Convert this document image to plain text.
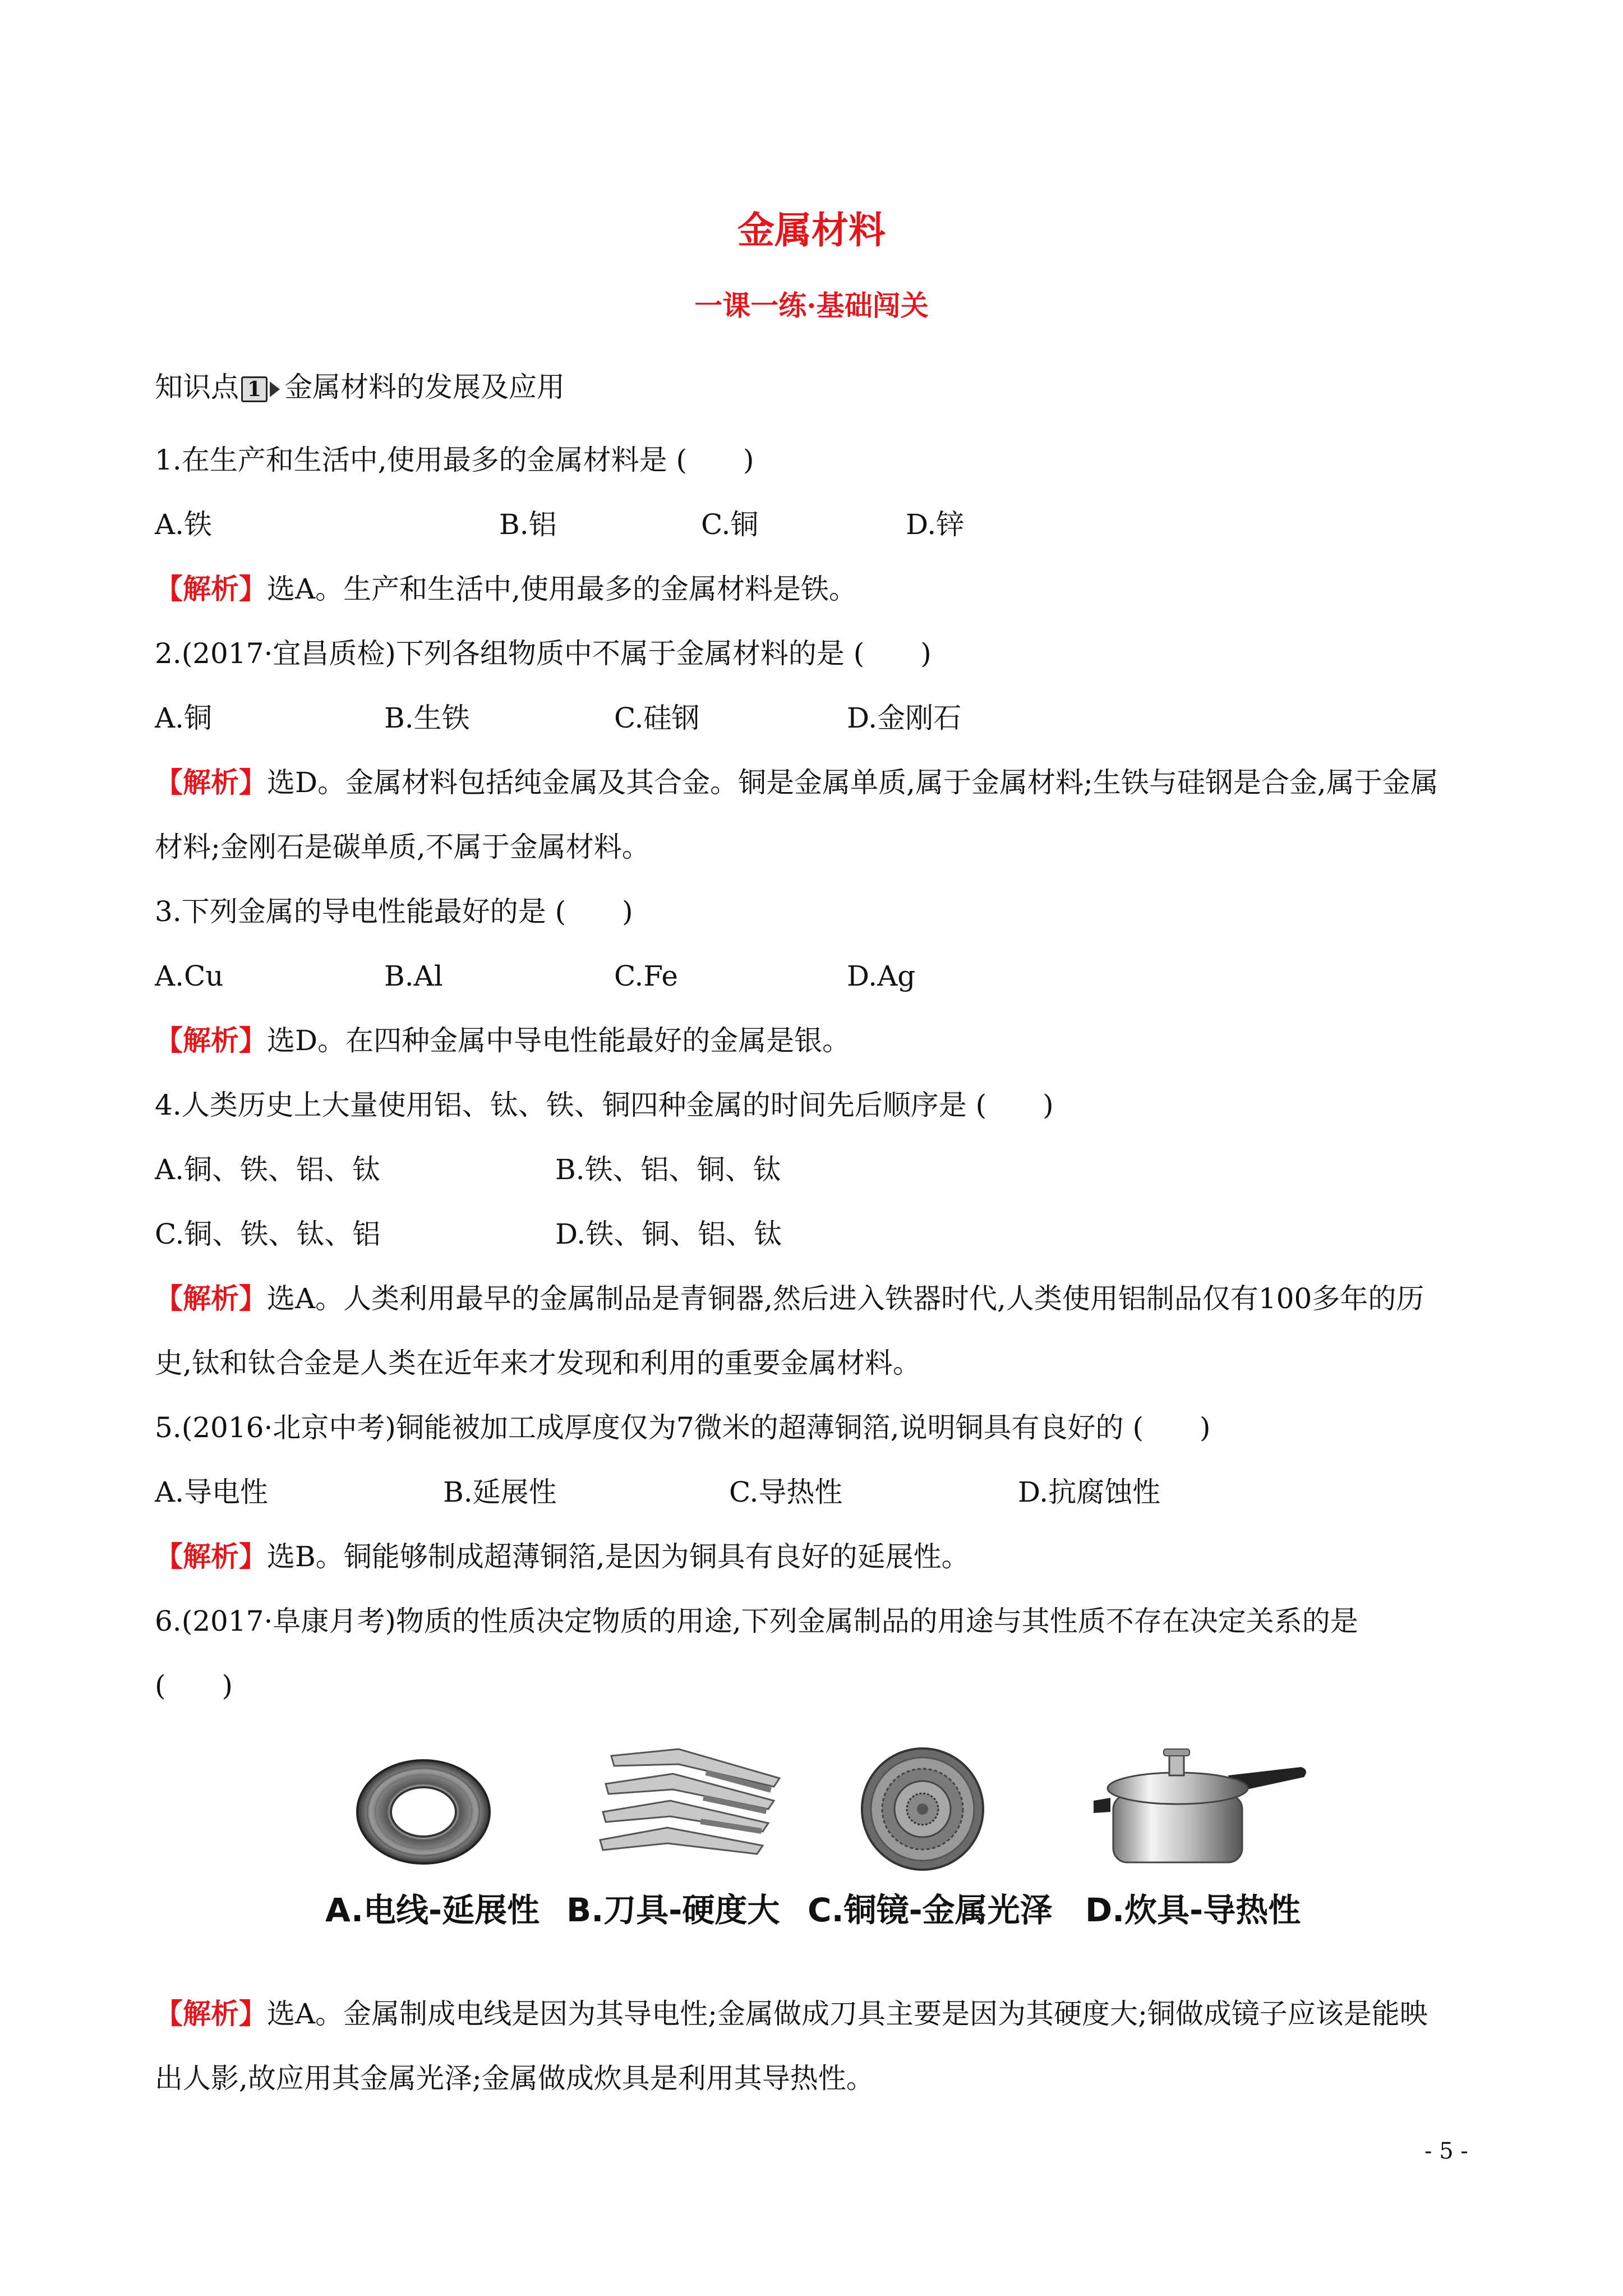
金属材料
一课一练·基础闯关
知识点 1 金属材料的发展及应用
1.在生产和生活中,使用最多的金属材料是 (　　)
A.铁	B.铝	C.铜	D.锌
【解析】选A。生产和生活中,使用最多的金属材料是铁。
2.(2017·宜昌质检)下列各组物质中不属于金属材料的是 (　　)
A.铜	B.生铁	C.硅钢	D.金刚石
【解析】选D。金属材料包括纯金属及其合金。铜是金属单质,属于金属材料;生铁与硅钢是合金,属于金属
材料;金刚石是碳单质,不属于金属材料。
3.下列金属的导电性能最好的是 (　　)
A.Cu	B.Al	C.Fe	D.Ag
【解析】选D。在四种金属中导电性能最好的金属是银。
4.人类历史上大量使用铝、钛、铁、铜四种金属的时间先后顺序是 (　　)
A.铜、铁、铝、钛	B.铁、铝、铜、钛
C.铜、铁、钛、铝	D.铁、铜、铝、钛
【解析】选A。人类利用最早的金属制品是青铜器,然后进入铁器时代,人类使用铝制品仅有100多年的历
史,钛和钛合金是人类在近年来才发现和利用的重要金属材料。
5.(2016·北京中考)铜能被加工成厚度仅为7微米的超薄铜箔,说明铜具有良好的 (　　)
A.导电性	B.延展性	C.导热性	D.抗腐蚀性
【解析】选B。铜能够制成超薄铜箔,是因为铜具有良好的延展性。
6.(2017·阜康月考)物质的性质决定物质的用途,下列金属制品的用途与其性质不存在决定关系的是
(　　)
A.电线-延展性 B.刀具-硬度大 C.铜镜-金属光泽 D.炊具-导热性
【解析】选A。金属制成电线是因为其导电性;金属做成刀具主要是因为其硬度大;铜做成镜子应该是能映
出人影,故应用其金属光泽;金属做成炊具是利用其导热性。
- 5 -
